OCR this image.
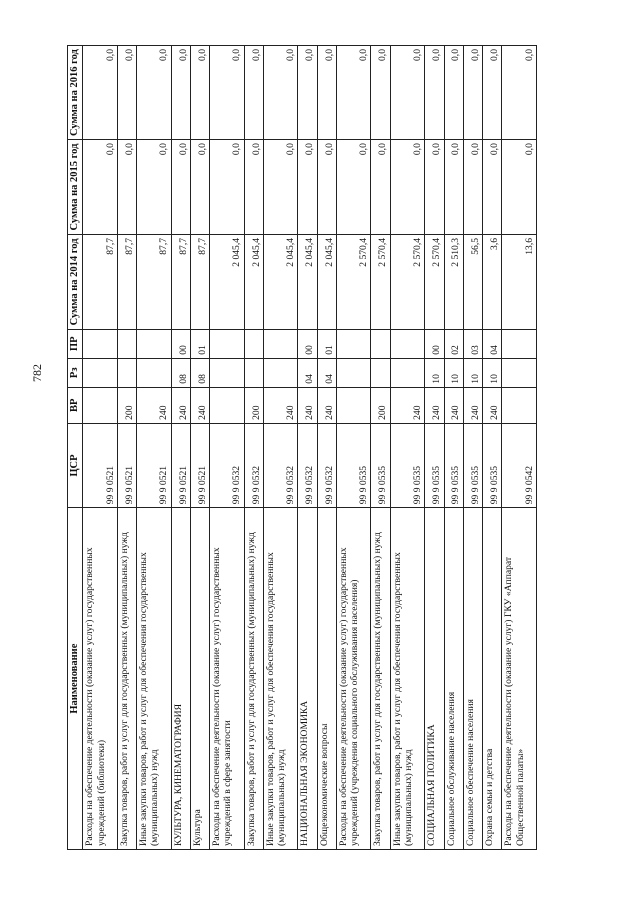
782
Наименование	ЦСР	ВР	Рз	ПР	Сумма на 2014 год	Сумма на 2015 год	Сумма на 2016 год
Расходы на обеспечение деятельности (оказание услуг) государственных учреждений (библиотеки)	99 9 0521				87,7	0,0	0,0
Закупка товаров, работ и услуг для государственных (муниципальных) нужд	99 9 0521	200			87,7	0,0	0,0
Иные закупки товаров, работ и услуг для обеспечения государственных (муниципальных) нужд	99 9 0521	240			87,7	0,0	0,0
КУЛЬТУРА, КИНЕМАТОГРАФИЯ	99 9 0521	240	08	00	87,7	0,0	0,0
Культура	99 9 0521	240	08	01	87,7	0,0	0,0
Расходы на обеспечение деятельности (оказание услуг) государственных учреждений в сфере занятости	99 9 0532				2 045,4	0,0	0,0
Закупка товаров, работ и услуг для государственных (муниципальных) нужд	99 9 0532	200			2 045,4	0,0	0,0
Иные закупки товаров, работ и услуг для обеспечения государственных (муниципальных) нужд	99 9 0532	240			2 045,4	0,0	0,0
НАЦИОНАЛЬНАЯ ЭКОНОМИКА	99 9 0532	240	04	00	2 045,4	0,0	0,0
Общеэкономические вопросы	99 9 0532	240	04	01	2 045,4	0,0	0,0
Расходы на обеспечение деятельности (оказание услуг) государственных учреждений (учреждения социального обслуживания населения)	99 9 0535				2 570,4	0,0	0,0
Закупка товаров, работ и услуг для государственных (муниципальных) нужд	99 9 0535	200			2 570,4	0,0	0,0
Иные закупки товаров, работ и услуг для обеспечения государственных (муниципальных) нужд	99 9 0535	240			2 570,4	0,0	0,0
СОЦИАЛЬНАЯ ПОЛИТИКА	99 9 0535	240	10	00	2 570,4	0,0	0,0
Социальное обслуживание населения	99 9 0535	240	10	02	2 510,3	0,0	0,0
Социальное обеспечение населения	99 9 0535	240	10	03	56,5	0,0	0,0
Охрана семьи и детства	99 9 0535	240	10	04	3,6	0,0	0,0
Расходы на обеспечение деятельности (оказание услуг) ГКУ «Аппарат Общественной палаты»	99 9 0542				13,6	0,0	0,0
